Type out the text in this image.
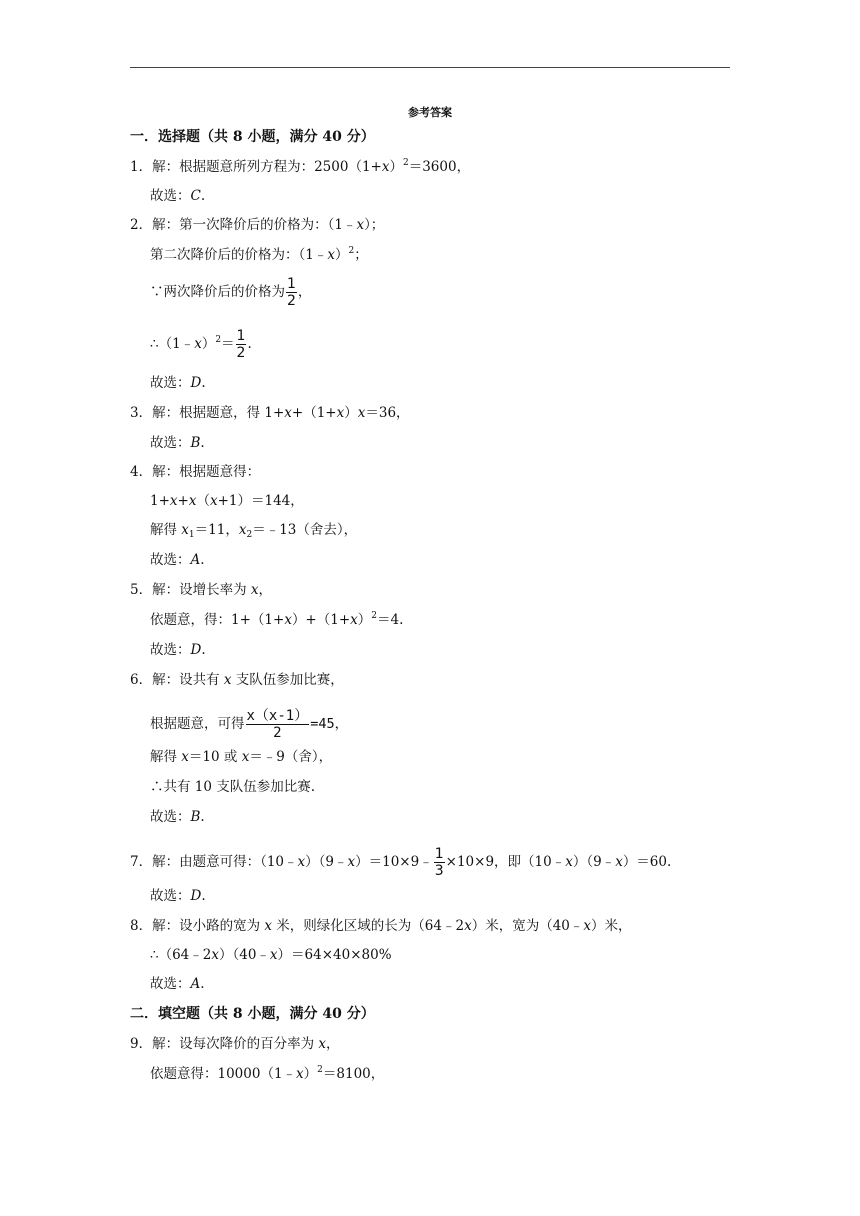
参考答案
一．选择题（共 8 小题，满分 40 分）
1．解：根据题意所列方程为：$2500(1+x)^2=3600$，
故选：C.
2．解：第一次降价后的价格为：（1﹣x）；
第二次降价后的价格为：（1﹣x）$^2$；
∵两次降价后的价格为 $\frac{1}{2}$ ，
∴（1﹣x）$^2$＝ $\frac{1}{2}$ .
故选：D.
3．解：根据题意，得 1+x+（1+x）x＝36，
故选：B.
4．解：根据题意得：
1+x+x（x+1）＝144，
解得 $x_1=11$，$x_2=﹣13$（舍去），
故选：A.
5．解：设增长率为 x，
依题意，得：$1+(1+x)+(1+x)^2=4$.
故选：D.
6．解：设共有 x 支队伍参加比赛，
根据题意，可得 $\frac{x(x-1)}{2} =45$，
解得 x＝10 或 x＝﹣9（舍），
∴共有 10 支队伍参加比赛.
故选：B.
7．解：由题意可得：（10﹣x）（9﹣x）＝10×9﹣ $\frac{1}{3} \times 10\times 9$，即（10﹣x）（9﹣x）＝60.
故选：D.
8．解：设小路的宽为 x 米，则绿化区域的长为（64﹣2x）米，宽为（40﹣x）米，
∴（64﹣2x）（40﹣x）＝64×40×80%
故选：A.
二．填空题（共 8 小题，满分 40 分）
9．解：设每次降价的百分率为 x，
依题意得：10000（1﹣x）$^2$＝8100，
